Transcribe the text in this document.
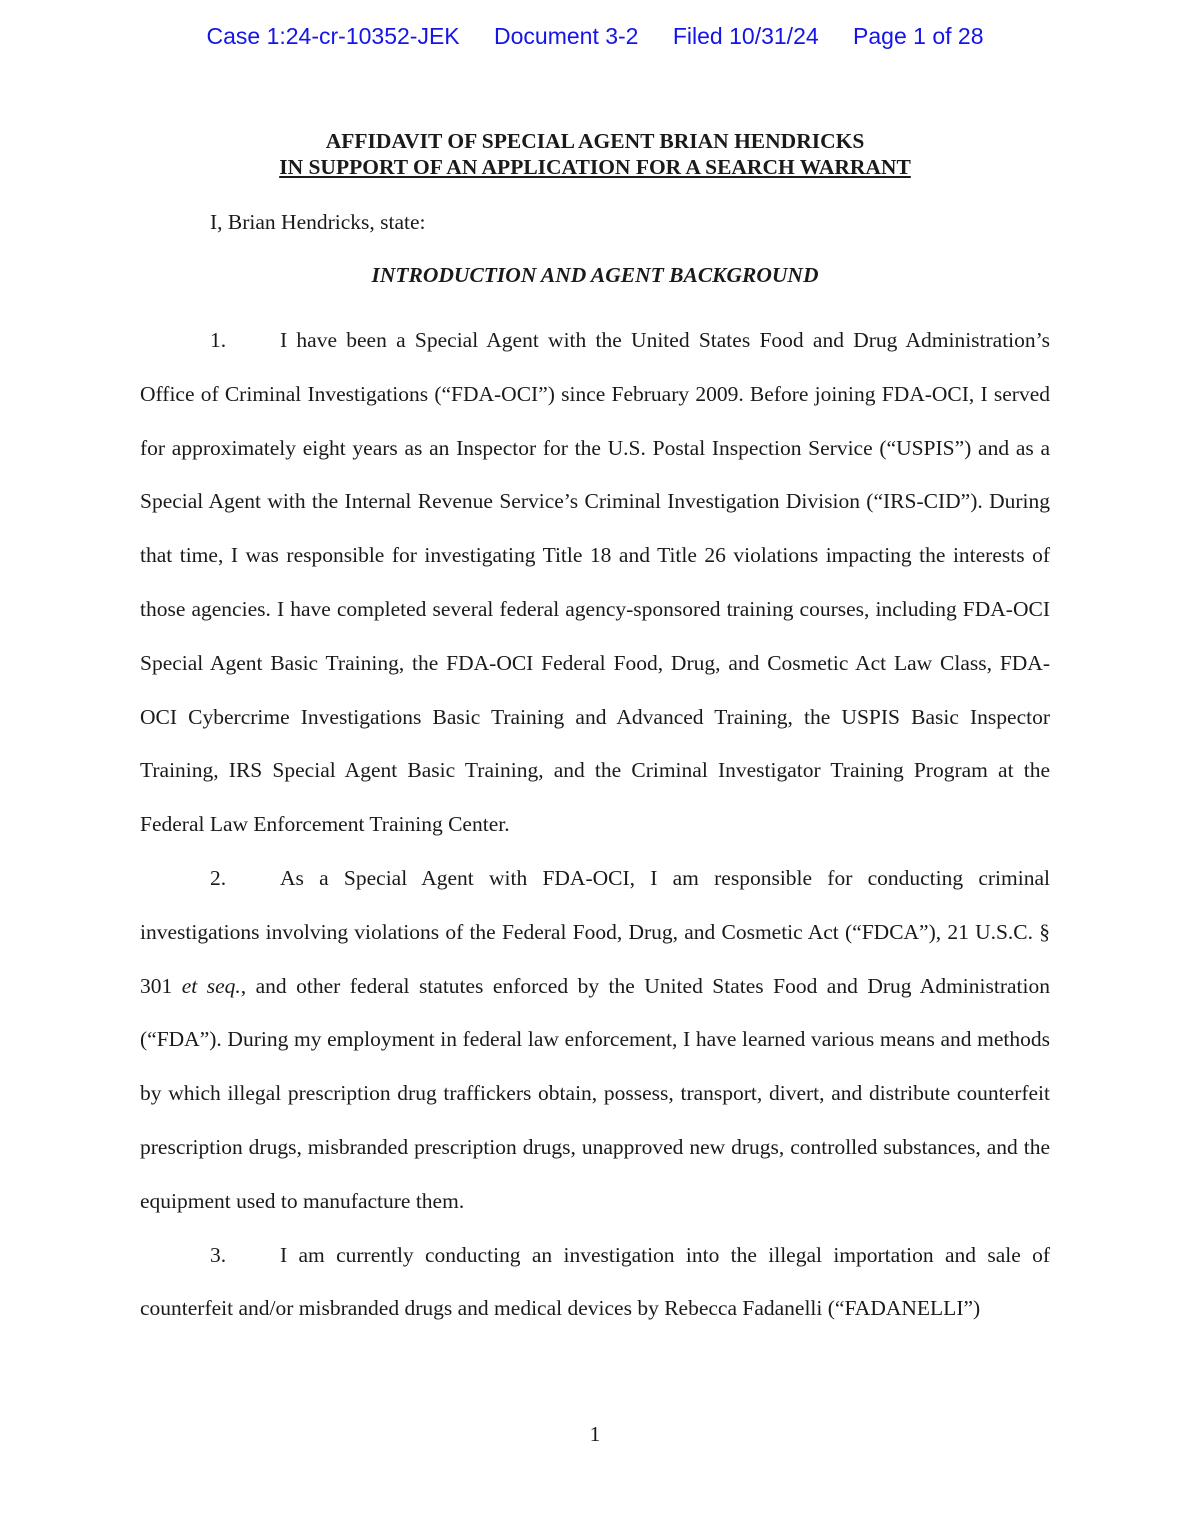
Case 1:24-cr-10352-JEK Document 3-2 Filed 10/31/24 Page 1 of 28
AFFIDAVIT OF SPECIAL AGENT BRIAN HENDRICKS
IN SUPPORT OF AN APPLICATION FOR A SEARCH WARRANT
I, Brian Hendricks, state:
INTRODUCTION AND AGENT BACKGROUND

1.	I have been a Special Agent with the United States Food and Drug Administration’s Office of Criminal Investigations (“FDA-OCI”) since February 2009. Before joining FDA-OCI, I served for approximately eight years as an Inspector for the U.S. Postal Inspection Service (“USPIS”) and as a Special Agent with the Internal Revenue Service’s Criminal Investigation Division (“IRS-CID”). During that time, I was responsible for investigating Title 18 and Title 26 violations impacting the interests of those agencies. I have completed several federal agency-sponsored training courses, including FDA-OCI Special Agent Basic Training, the FDA-OCI Federal Food, Drug, and Cosmetic Act Law Class, FDA-OCI Cybercrime Investigations Basic Training and Advanced Training, the USPIS Basic Inspector Training, IRS Special Agent Basic Training, and the Criminal Investigator Training Program at the Federal Law Enforcement Training Center.

2.	As a Special Agent with FDA-OCI, I am responsible for conducting criminal investigations involving violations of the Federal Food, Drug, and Cosmetic Act (“FDCA”), 21 U.S.C. § 301 et seq., and other federal statutes enforced by the United States Food and Drug Administration (“FDA”). During my employment in federal law enforcement, I have learned various means and methods by which illegal prescription drug traffickers obtain, possess, transport, divert, and distribute counterfeit prescription drugs, misbranded prescription drugs, unapproved new drugs, controlled substances, and the equipment used to manufacture them.

3.	I am currently conducting an investigation into the illegal importation and sale of counterfeit and/or misbranded drugs and medical devices by Rebecca Fadanelli (“FADANELLI”)

1
